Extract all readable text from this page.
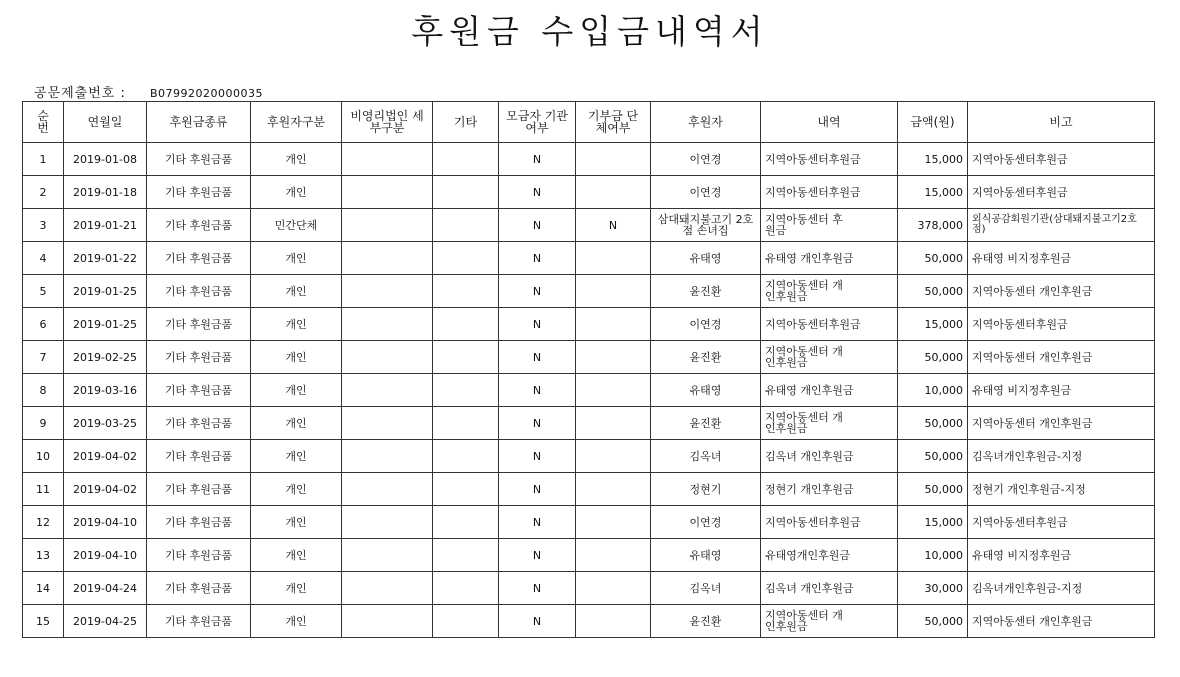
후원금 수입금내역서
공문제출번호 : B07992020000035
순번	연월일	후원금종류	후원자구분	비영리법인 세부구분	기타	모금자 기관여부	기부금 단체여부	후원자	내역	금액(원)	비고
1	2019-01-08	기타 후원금품	개인			N		이연경	지역아동센터후원금	15,000	지역아동센터후원금
2	2019-01-18	기타 후원금품	개인			N		이연경	지역아동센터후원금	15,000	지역아동센터후원금
3	2019-01-21	기타 후원금품	민간단체			N	N	삼대돼지불고기 2호점 손녀집	지역아동센터 후원금	378,000	외식공감회원기관(삼대돼지불고기2호점)
4	2019-01-22	기타 후원금품	개인			N		유태영	유태영 개인후원금	50,000	유태영 비지정후원금
5	2019-01-25	기타 후원금품	개인			N		윤진환	지역아동센터 개인후원금	50,000	지역아동센터 개인후원금
6	2019-01-25	기타 후원금품	개인			N		이연경	지역아동센터후원금	15,000	지역아동센터후원금
7	2019-02-25	기타 후원금품	개인			N		윤진환	지역아동센터 개인후원금	50,000	지역아동센터 개인후원금
8	2019-03-16	기타 후원금품	개인			N		유태영	유태영 개인후원금	10,000	유태영 비지정후원금
9	2019-03-25	기타 후원금품	개인			N		윤진환	지역아동센터 개인후원금	50,000	지역아동센터 개인후원금
10	2019-04-02	기타 후원금품	개인			N		김옥녀	김옥녀 개인후원금	50,000	김옥녀개인후원금-지정
11	2019-04-02	기타 후원금품	개인			N		정현기	정현기 개인후원금	50,000	정현기 개인후원금-지정
12	2019-04-10	기타 후원금품	개인			N		이연경	지역아동센터후원금	15,000	지역아동센터후원금
13	2019-04-10	기타 후원금품	개인			N		유태영	유태영개인후원금	10,000	유태영 비지정후원금
14	2019-04-24	기타 후원금품	개인			N		김옥녀	김옥녀 개인후원금	30,000	김옥녀개인후원금-지정
15	2019-04-25	기타 후원금품	개인			N		윤진환	지역아동센터 개인후원금	50,000	지역아동센터 개인후원금
